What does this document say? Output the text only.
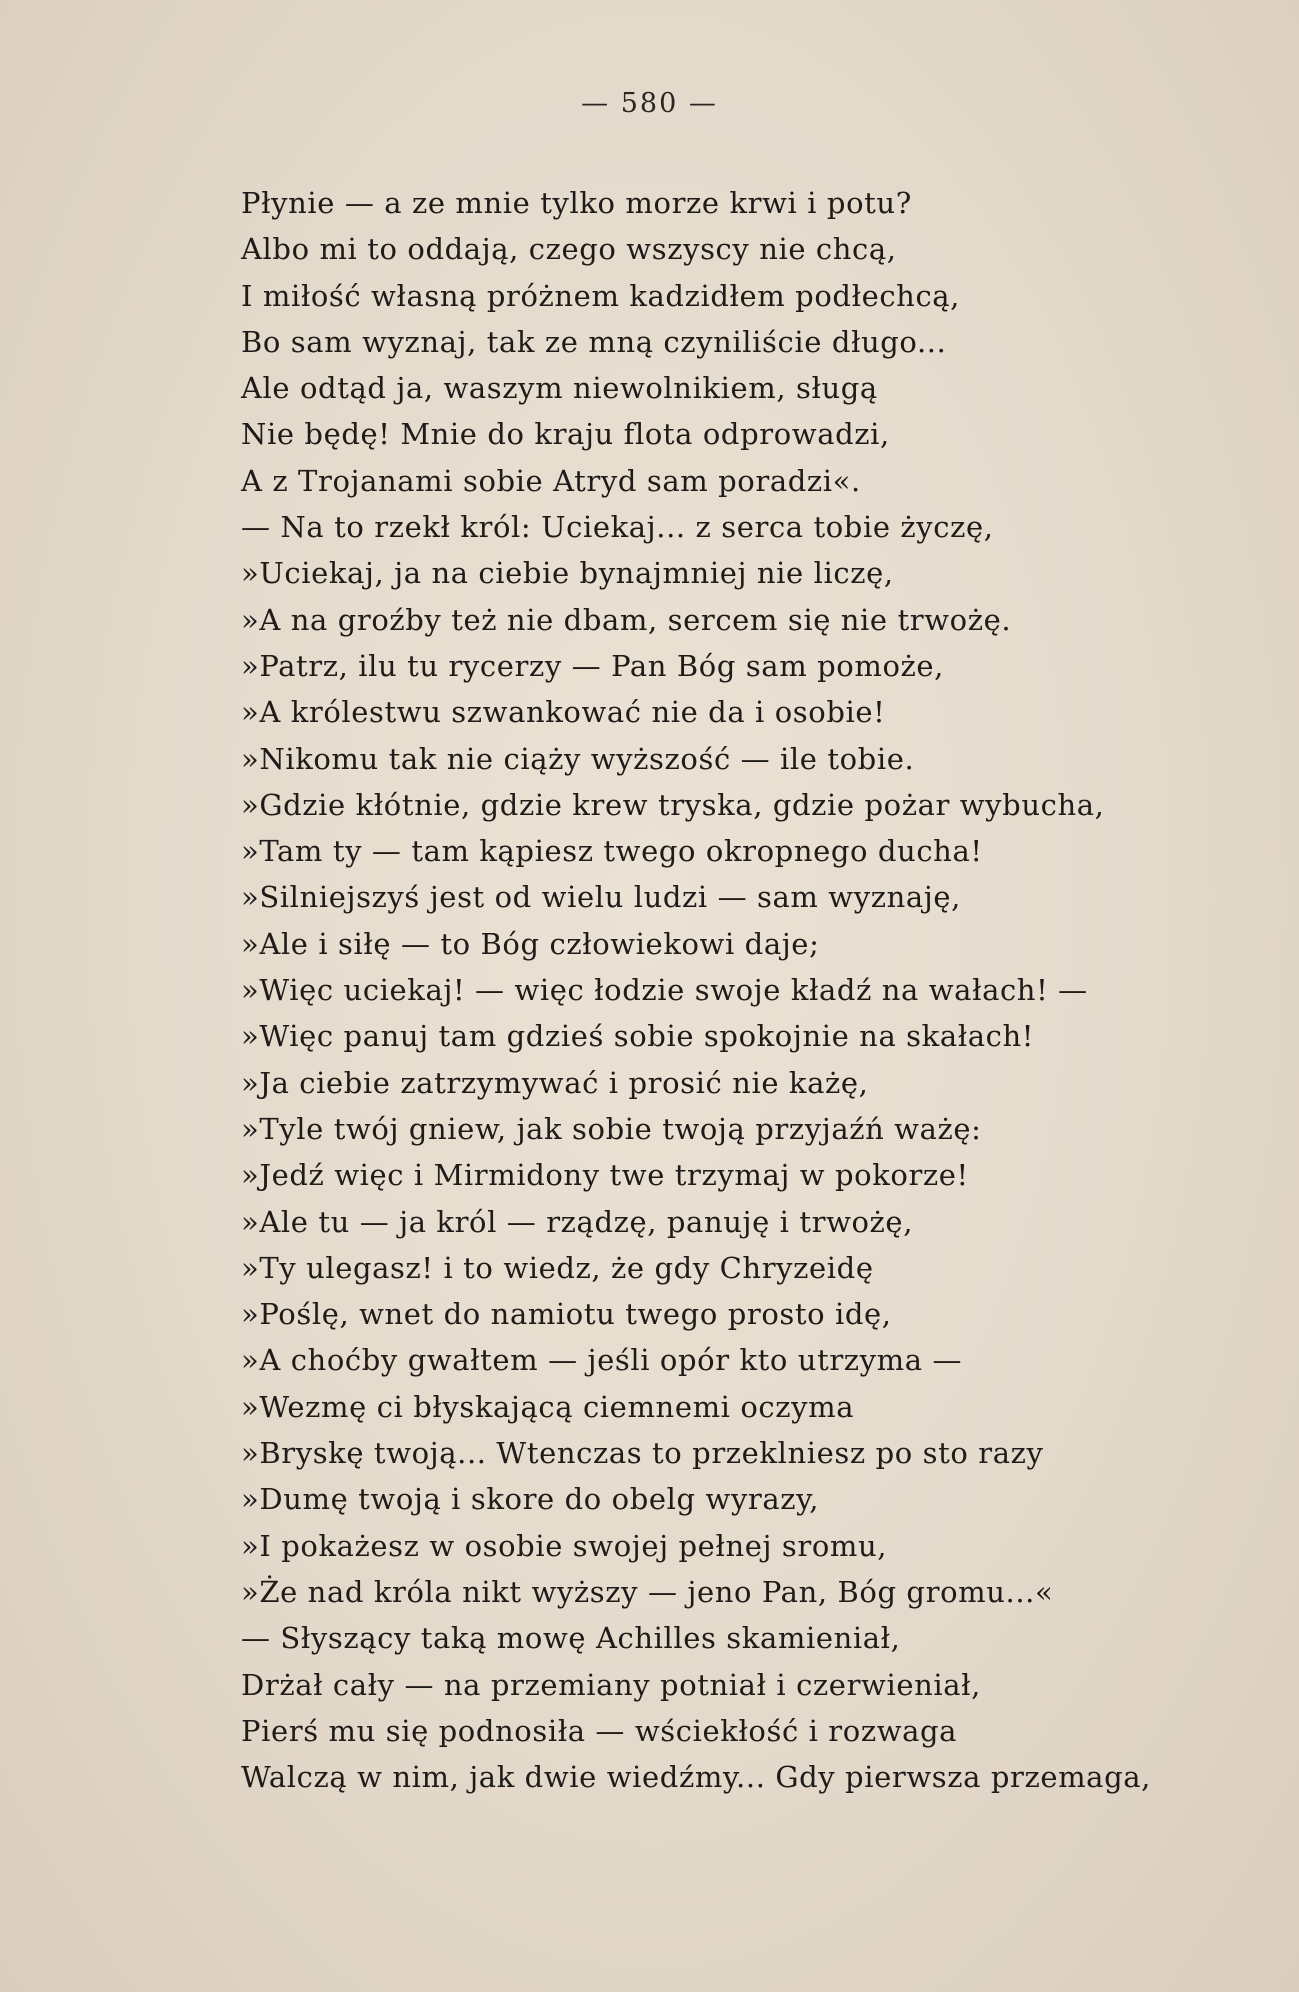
— 580 —
Płynie — a ze mnie tylko morze krwi i potu?
Albo mi to oddają, czego wszyscy nie chcą,
I miłość własną próżnem kadzidłem podłechcą,
Bo sam wyznaj, tak ze mną czyniliście długo...
Ale odtąd ja, waszym niewolnikiem, sługą
Nie będę! Mnie do kraju flota odprowadzi,
A z Trojanami sobie Atryd sam poradzi«.
— Na to rzekł król: Uciekaj... z serca tobie życzę,
»Uciekaj, ja na ciebie bynajmniej nie liczę,
»A na groźby też nie dbam, sercem się nie trwożę.
»Patrz, ilu tu rycerzy — Pan Bóg sam pomoże,
»A królestwu szwankować nie da i osobie!
»Nikomu tak nie ciąży wyższość — ile tobie.
»Gdzie kłótnie, gdzie krew tryska, gdzie pożar wybucha,
»Tam ty — tam kąpiesz twego okropnego ducha!
»Silniejszyś jest od wielu ludzi — sam wyznaję,
»Ale i siłę — to Bóg człowiekowi daje;
»Więc uciekaj! — więc łodzie swoje kładź na wałach! —
»Więc panuj tam gdzieś sobie spokojnie na skałach!
»Ja ciebie zatrzymywać i prosić nie każę,
»Tyle twój gniew, jak sobie twoją przyjaźń ważę:
»Jedź więc i Mirmidony twe trzymaj w pokorze!
»Ale tu — ja król — rządzę, panuję i trwożę,
»Ty ulegasz! i to wiedz, że gdy Chryzeidę
»Poślę, wnet do namiotu twego prosto idę,
»A choćby gwałtem — jeśli opór kto utrzyma —
»Wezmę ci błyskającą ciemnemi oczyma
»Bryskę twoją... Wtenczas to przeklniesz po sto razy
»Dumę twoją i skore do obelg wyrazy,
»I pokażesz w osobie swojej pełnej sromu,
»Że nad króla nikt wyższy — jeno Pan, Bóg gromu...«
— Słyszący taką mowę Achilles skamieniał,
Drżał cały — na przemiany potniał i czerwieniał,
Pierś mu się podnosiła — wściekłość i rozwaga
Walczą w nim, jak dwie wiedźmy... Gdy pierwsza przemaga,
